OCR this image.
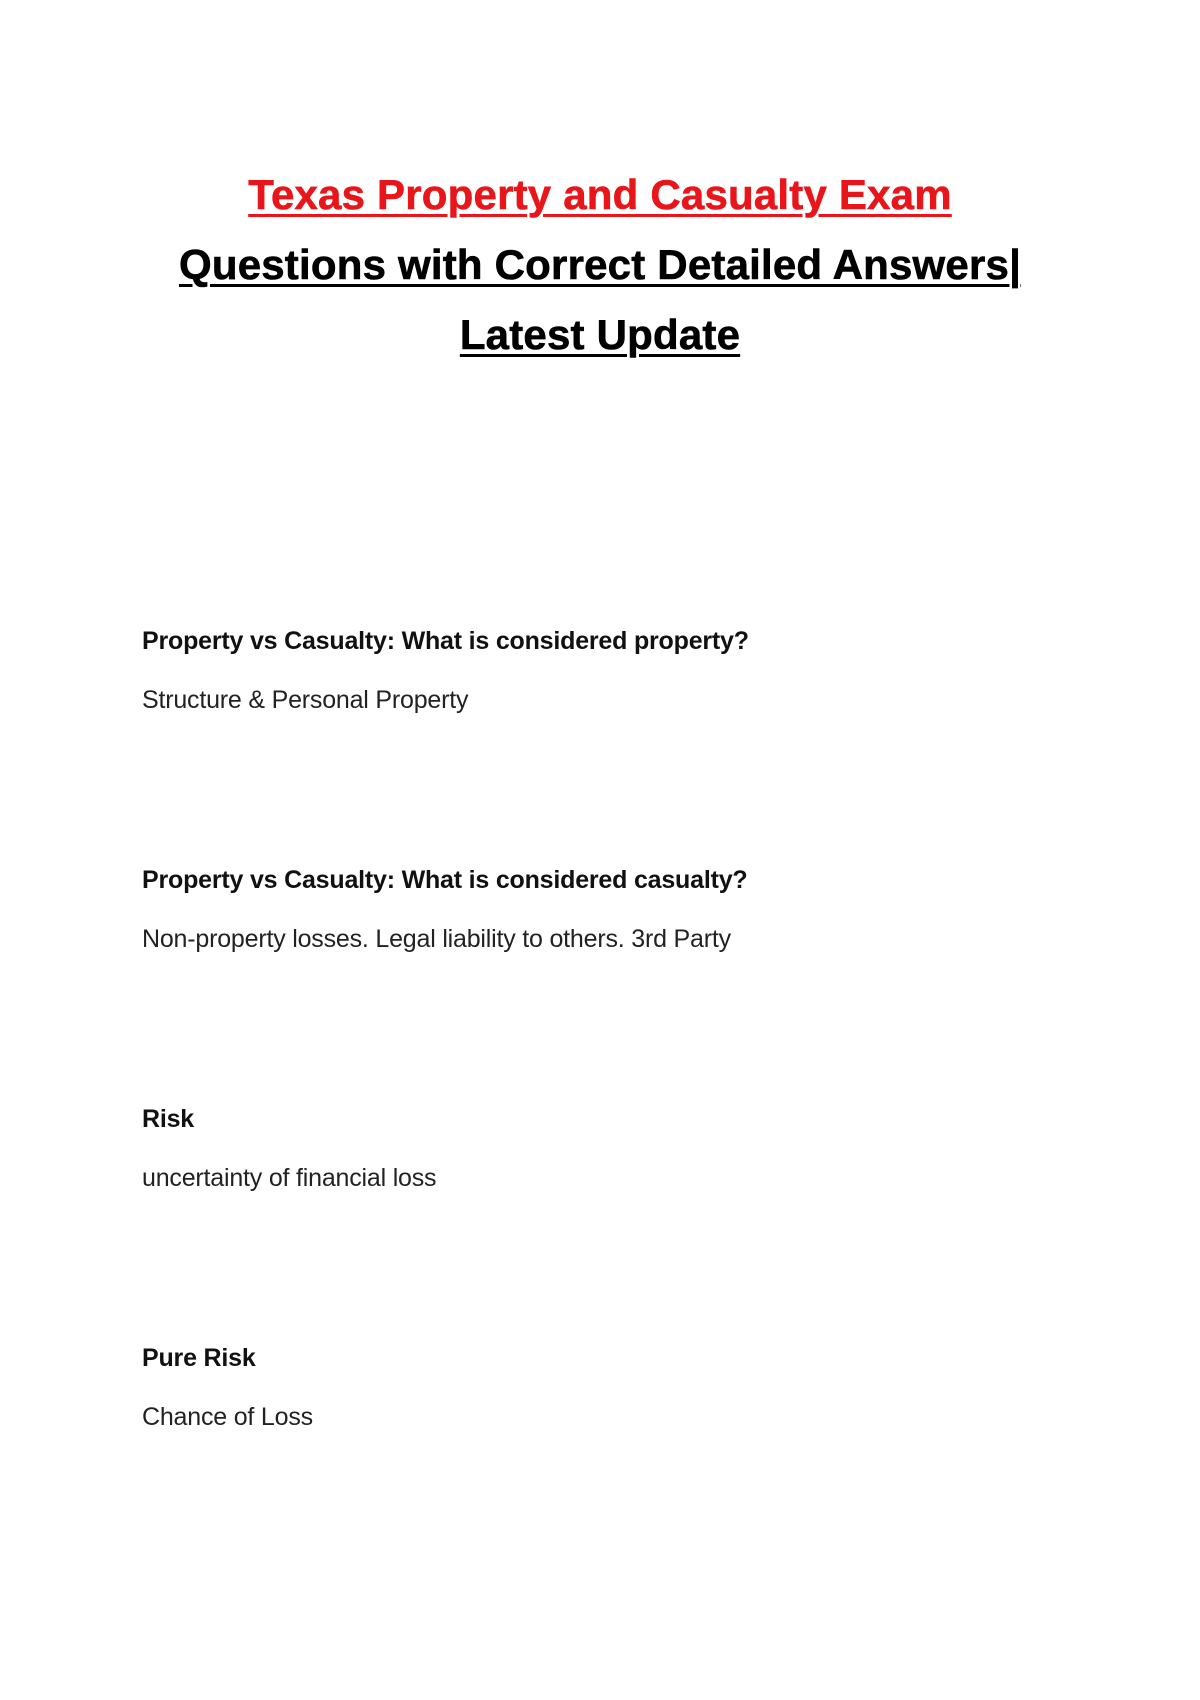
Texas Property and Casualty Exam
Questions with Correct Detailed Answers|
Latest Update
Property vs Casualty: What is considered property?
Structure & Personal Property
Property vs Casualty: What is considered casualty?
Non-property losses. Legal liability to others. 3rd Party
Risk
uncertainty of financial loss
Pure Risk
Chance of Loss
